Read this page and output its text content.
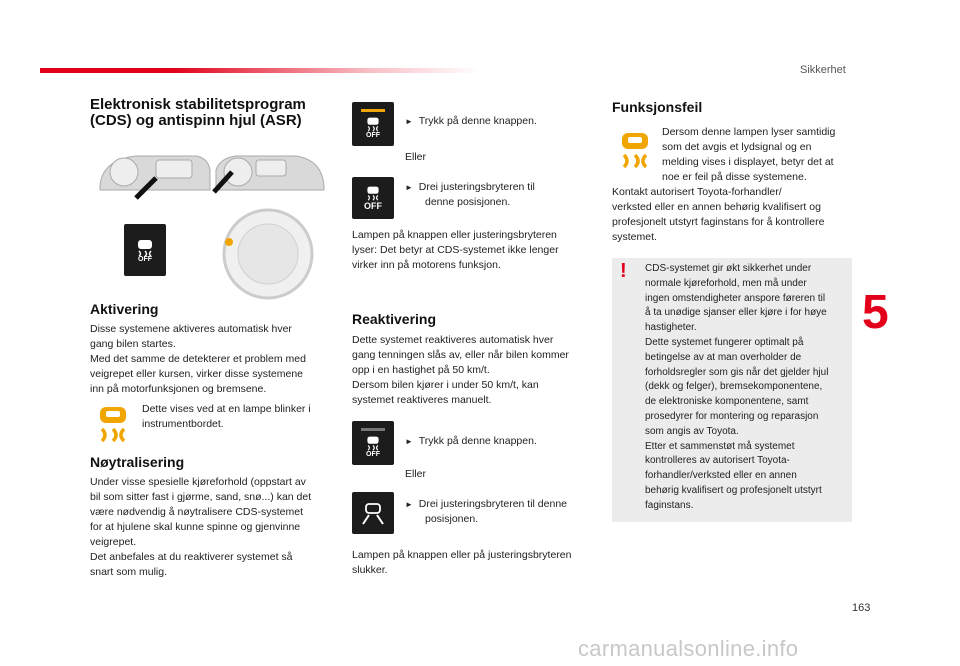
Sikkerhet
Elektronisk stabilitetsprogram
(CDS) og antispinn hjul (ASR)
OFF
Aktivering
Disse systemene aktiveres automatisk hver
gang bilen startes.
Med det samme de detekterer et problem med
veigrepet eller kursen, virker disse systemene
inn på motorfunksjonen og bremsene.
Dette vises ved at en lampe blinker i
instrumentbordet.
Nøytralisering
Under visse spesielle kjøreforhold (oppstart av
bil som sitter fast i gjørme, sand, snø...) kan det
være nødvendig å nøytralisere CDS-systemet
for at hjulene skal kunne spinne og gjenvinne
veigrepet.
Det anbefales at du reaktiverer systemet så
snart som mulig.
OFF
► Trykk på denne knappen.
Eller
OFF
► Drei justeringsbryteren til
denne posisjonen.
Lampen på knappen eller justeringsbryteren
lyser: Det betyr at CDS-systemet ikke lenger
virker inn på motorens funksjon.
Reaktivering
Dette systemet reaktiveres automatisk hver
gang tenningen slås av, eller når bilen kommer
opp i en hastighet på 50 km/t.
Dersom bilen kjører i under 50 km/t, kan
systemet reaktiveres manuelt.
OFF
► Trykk på denne knappen.
Eller
► Drei justeringsbryteren til denne
posisjonen.
Lampen på knappen eller på justeringsbryteren
slukker.
Funksjonsfeil
Dersom denne lampen lyser samtidig
som det avgis et lydsignal og en
melding vises i displayet, betyr det at
noe er feil på disse systemene.
Kontakt autorisert Toyota-forhandler/
verksted eller en annen behørig kvalifisert og
profesjonelt utstyrt faginstans for å kontrollere
systemet.
! CDS-systemet gir økt sikkerhet under
normale kjøreforhold, men må under
ingen omstendigheter anspore føreren til
å ta unødige sjanser eller kjøre i for høye
hastigheter.
Dette systemet fungerer optimalt på
betingelse av at man overholder de
forholdsregler som gis når det gjelder hjul
(dekk og felger), bremsekomponentene,
de elektroniske komponentene, samt
prosedyrer for montering og reparasjon
som angis av Toyota.
Etter et sammenstøt må systemet
kontrolleres av autorisert Toyota-
forhandler/verksted eller en annen
behørig kvalifisert og profesjonelt utstyrt
faginstans.
5
163
carmanualsonline.info
